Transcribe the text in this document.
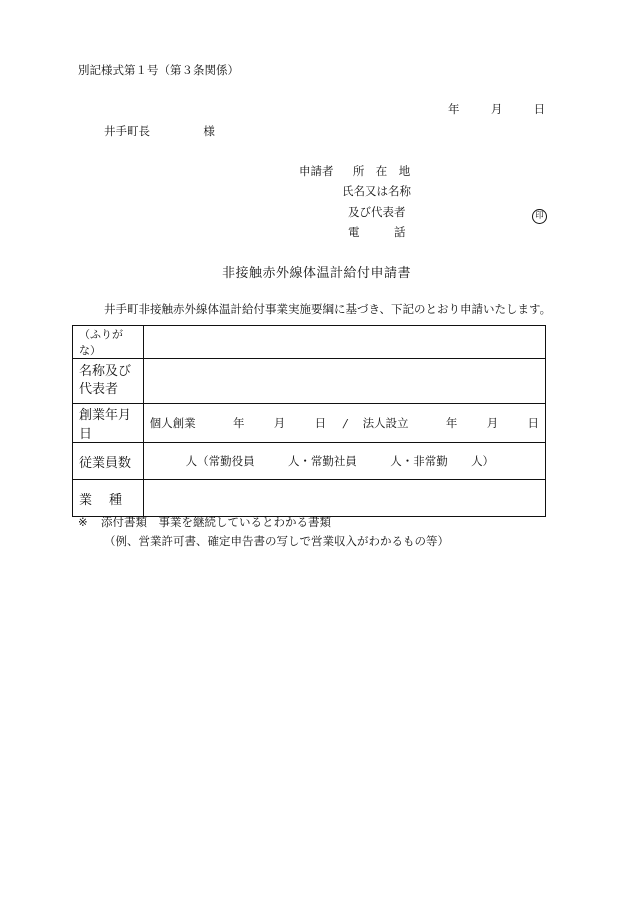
別記様式第１号（第３条関係）
年	月	日
井手町長	様
申請者 所　在　地
氏名又は名称
及び代表者	印
電　　　話
非接触赤外線体温計給付申請書
井手町非接触赤外線体温計給付事業実施要綱に基づき、下記のとおり申請いたします。
（ふりがな）	

名称及び
代表者	

創業年月日	個人創業 年 月 日 / 法人設立 年 月 日
従業員数	人（常勤役員 人・常勤社員 人・非常勤 人）
業　種	
※ 添付書類　事業を継続しているとわかる書類
（例、営業許可書、確定申告書の写しで営業収入がわかるもの等）
